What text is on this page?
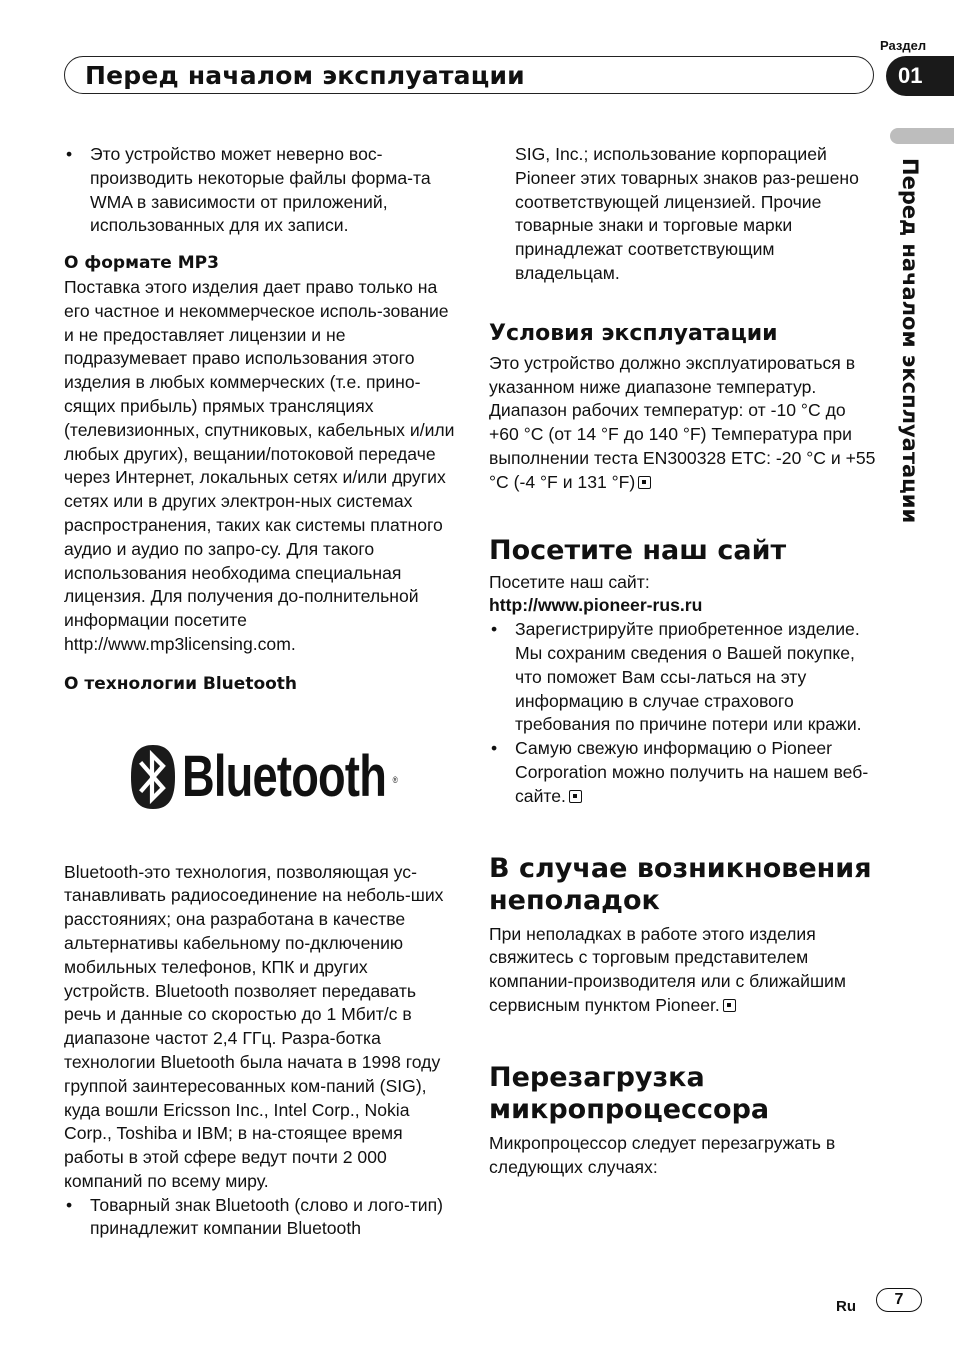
Перед началом эксплуатации
Раздел
01
Перед началом эксплуатации
• Это устройство может неверно вос-производить некоторые файлы форма-та WMA в зависимости от приложений, использованных для их записи.

О формате MP3

Поставка этого изделия дает право только на его частное и некоммерческое исполь-зование и не предоставляет лицензии и не подразумевает право использования этого изделия в любых коммерческих (т.е. прино-сящих прибыль) прямых трансляциях (телевизионных, спутниковых, кабельных и/или любых других), вещании/потоковой передаче через Интернет, локальных сетях и/или других сетях или в других электрон-ных системах распространения, таких как системы платного аудио и аудио по запро-су. Для такого использования необходима специальная лицензия. Для получения до-полнительной информации посетите http://www.mp3licensing.com.

О технологии Bluetooth

Bluetooth ®

Bluetooth-это технология, позволяющая ус-танавливать радиосоединение на неболь-ших расстояниях; она разработана в качестве альтернативы кабельному по-дключению мобильных телефонов, КПК и других устройств. Bluetooth позволяет передавать речь и данные со скоростью до 1 Мбит/с в диапазоне частот 2,4 ГГц. Разра-ботка технологии Bluetooth была начата в 1998 году группой заинтересованных ком-паний (SIG), куда вошли Ericsson Inc., Intel Corp., Nokia Corp., Toshiba и IBM; в на-стоящее время работы в этой сфере ведут почти 2 000 компаний по всему миру.

• Товарный знак Bluetooth (слово и лого-тип) принадлежит компании Bluetooth

SIG, Inc.; использование корпорацией Pioneer этих товарных знаков раз-решено соответствующей лицензией. Прочие товарные знаки и торговые марки принадлежат соответствующим владельцам.

Условия эксплуатации

Это устройство должно эксплуатироваться в указанном ниже диапазоне температур. Диапазон рабочих температур: от -10 °C до +60 °C (от 14 °F до 140 °F) Температура при выполнении теста EN300328 ETC: -20 °C и +55 °C (-4 °F и 131 °F)

Посетите наш сайт

Посетите наш сайт:

http://www.pioneer-rus.ru

• Зарегистрируйте приобретенное изделие. Мы сохраним сведения о Вашей покупке, что поможет Вам ссы-латься на эту информацию в случае страхового требования по причине потери или кражи.
• Самую свежую информацию о Pioneer Corporation можно получить на нашем веб-сайте.

В случае возникновения неполадок

При неполадках в работе этого изделия свяжитесь с торговым представителем компании-производителя или с ближайшим сервисным пунктом Pioneer.

Перезагрузка микропроцессора

Микропроцессор следует перезагружать в следующих случаях:

Ru	7
